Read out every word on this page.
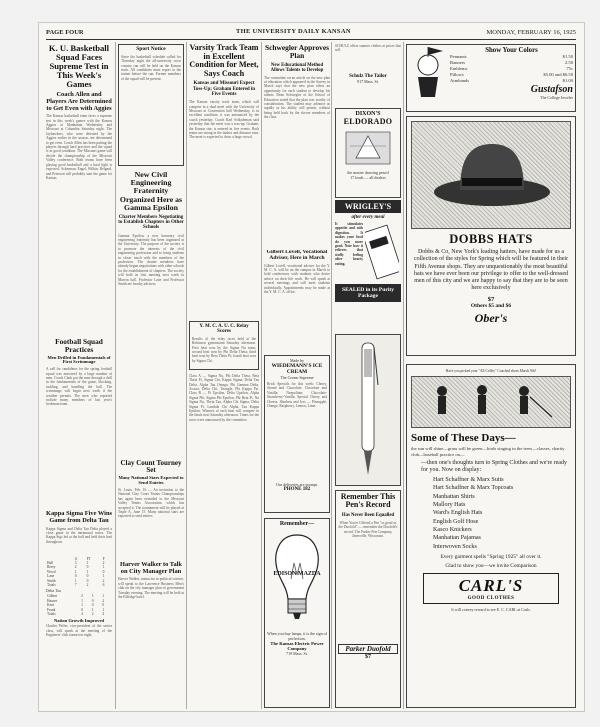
PAGE FOUR	THE UNIVERSITY DAILY KANSAN	MONDAY, FEBRUARY 16, 1925
K. U. Basketball Squad Faces Supreme Test in This Week's Games
Coach Allen and Players Are Determined to Get Even with Aggies
The Kansas basketball team faces a supreme test in this week's games with the Kansas Aggies at Manhattan Wednesday and Missouri at Columbia Saturday night. The Jayhawkers, who were defeated by the Aggies earlier in the season, are determined to get even. Coach Allen has been putting the players through hard practices and the squad is in good condition. The Missouri game will decide the championship of the Missouri Valley conference. Both teams have been playing good basketball and a hard fight is expected. Ackerman, Engel, Wilkin, Belgard, and Peterson will probably start the game for Kansas.
Football Squad Practices
Men Drilled in Fundamentals of First Scrimmage
A call for candidates for the spring football squad was answered by a large number of men. Coach Clark put the men through a drill in the fundamentals of the game, blocking, tackling, and handling the ball. The scrimmage will begin next week if the weather permits. The men who reported include many members of last year's freshman team.
Kappa Sigma Five Wins Game from Delta Tau
Kappa Sigma and Delta Tau Delta played a close game in the intramural series. The Kappa Sigs led at the half and held their lead throughout.
	G	FT	F
Hall	3	1	2
Beery	2	0	1
Wood	1	1	0
Lane	0	0	1
Smith	1	0	2
Totals	7	2	6
Delta Tau
Gilbert	2	1	1
Hauser	1	0	2
Kent	1	0	0
Frank	0	1	1
Totals	4	2	4
Nation Growth Improved
Charles Peffer, vice-president of the senior class, will speak at the meeting of the Engineers' club tomorrow night.
Sport Notice
Since the basketball schedule called for Thursday night the all-university cross country run will be held on the Kansas track. All candidates must report to the trainer before the run. Former members of the squad will be present.
New Civil Engineering Fraternity Organized Here as Gamma Epsilon
Charter Members Negotiating to Establish Chapters in Other Schools
Gamma Epsilon, a new honorary civil engineering fraternity has been organized at the University. The purpose of the society is to promote the interests of the civil engineering profession and to bring students in closer touch with the members of the profession. The charter members have already begun negotiations with other schools for the establishment of chapters. The society will hold its first meeting next week in Marvin hall. Professor Lane and Professor Smith are faculty advisers.
Clay Count Tourney Set
Many National Stars Expected to Send Entries
St. Louis, Feb. 16 — An invitation to the National Clay Court Tennis Championships has again been extended to the Missouri Valley Tennis Association, which has accepted it. The tournament will be played at Triple A, June 15. Many national stars are expected to send entries.
Harver Walker to Talk on City Manager Plan
Harver Walker, instructor in political science, will speak to the Lawrence Business Men's club on the city manager plan of government Tuesday evening. The meeting will be held at the Eldridge hotel.
Varsity Track Team in Excellent Condition for Meet, Says Coach
Kansas and Missouri Expect Toss-Up; Graham Entered in Five Events
The Kansas varsity track team, which will compete in a dual meet with the University of Missouri at Convention hall Wednesday, is in excellent condition, it was announced by the coach yesterday. Coach Karl Schlademan said yesterday that the meet was a toss-up. Graham, the Kansas star, is entered in five events. Both teams are strong in the dashes and distance runs. The meet is expected to draw a large crowd.
Y. M. C. A. U. C. Relay Scores
Results of the relay races held at the Robinson gymnasium Saturday afternoon. First heat won by the Sigma Nu team; second heat won by Phi Delta Theta; third heat won by Beta Theta Pi; fourth heat won by Sigma Chi.
Class A — Sigma Nu, Phi Delta Theta, Beta Theta Pi, Sigma Chi, Kappa Sigma, Delta Tau Delta, Alpha Tau Omega, Phi Gamma Delta, Acacia, Delta Chi, Triangle, Phi Kappa Psi. Class B — Pi Upsilon, Delta Upsilon, Alpha Sigma Phi, Sigma Phi Epsilon, Phi Beta Pi, Nu Sigma Nu, Theta Tau, Alpha Chi Sigma, Delta Sigma Pi, Lambda Chi Alpha, Tau Kappa Epsilon. Winners of each heat will compete in the finals next Saturday afternoon. Times for the races were announced by the committee.
Schwegler Approves Plan
New Educational Method Allows Talents to Develop
The committee on an article on the new plan of education which appeared in the Survey in March says that the new plan offers an opportunity for each student to develop his talents. Dean Schwegler of the School of Education stated that the plan was worthy of consideration. The student may advance as rapidly as his ability will permit, without being held back by the slower members of the class.
Gilbert Lovell, Vocational Adviser, Here in March
Gilbert Lovell, vocational adviser for the Y. M. C. A. will be on the campus in March to hold conferences with students who desire advice on their life work. He will speak at several meetings and will meet students individually. Appointments may be made at the Y. M. C. A. office.
Made by
WIEDEMANN'S ICE CREAM
The Cream Supreme
Brick Specials for this week: Cherry, Strand and Chocolate; Chocolate and Vanilla; Neapolitan; Chocolate-Strawberry-Vanilla; Special Cherry and Cheese. Sherbets and Ices — Pineapple, Orange, Raspberry, Lemon, Lime.
Our deliveries are prompt.
PHONE 182
Remember—
EDISON MAZDA
When you buy lamps, it is the sign of perfection.
The Kansas Electric Power Company
719 Mass. St.
SCHULZ offers smarter clothes at prices that sell.
Schulz The Tailor
917 Mass. St.
DIXON'S
ELDORADO
the master drawing pencil
17 leads — all dealers
WRIGLEY'S
after every meal
It stimulates appetite and aids digestion. It makes your food do you more good. Note how it relieves that stuffy feeling after hearty eating.
SEALED in its Purity Package
Remember This Pen's Record
Has Never Been Equalled
When You're Offered a Pen "as good as the Duofold" — remember the Duofold's record. The Parker Pen Company, Janesville, Wisconsin.
Parker Duofold
$7
Show Your Colors
Pennants	$1.50
Banners	2.50
Emblems	75c
Pillows	$5.00 and $6.50
Armbands	$1.00
Gustafson
The College Jeweler
DOBBS HATS
Dobbs & Co, New York's leading hatters, have made for us a collection of the styles for Spring which will be featured in their Fifth Avenue shops. They are unquestionably the most beautiful hats we have ever been our privilege to offer to the well-dressed men of this city and we are happy to say that they are to be seen here exclusively
$7
Others $5 and $6
Ober's
Have you picked your "All Colley" Coached shoes March 9th?
Some of These Days—
the sun will shine—grass will be green—birds singing in the trees—classes, charity club—baseball practice on—
—then one's thoughts turn to Spring Clothes and we're ready for you. Now on display:
Hart Schaffner & Marx Suits
Hart Schaffner & Marx Topcoats
Manhattan Shirts
Mallory Hats
Ward's English Hats
English Golf Hose
Kasco Knickers
Manhattan Pajamas
Interwoven Socks
Every garment spells "Spring 1925" all over it.
Glad to show you—we invite Comparison
CARL'S
GOOD CLOTHES
It will convey reward to see E. C. CARL at Carls.
